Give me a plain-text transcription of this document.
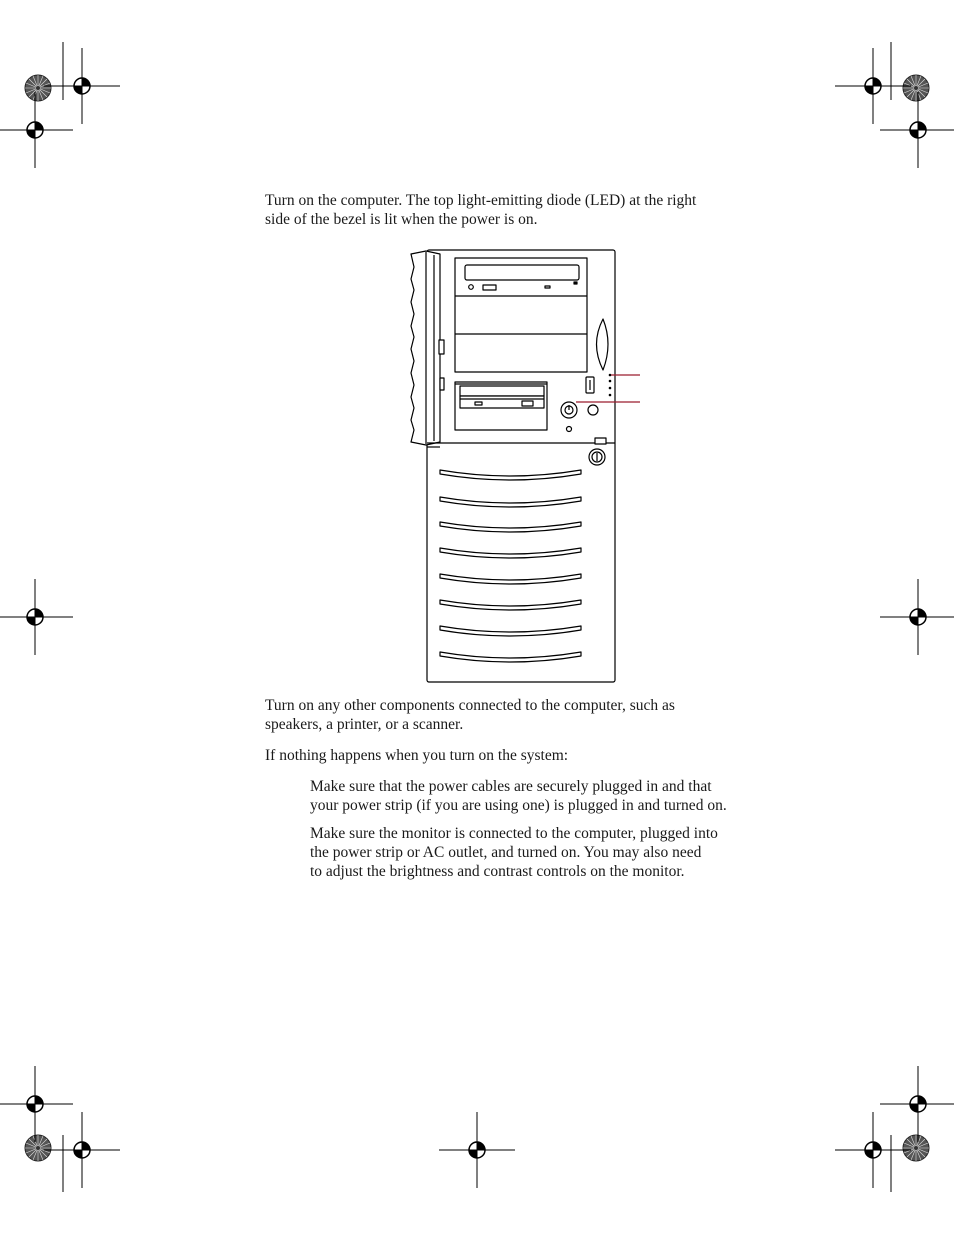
Turn on the computer. The top light-emitting diode (LED) at the right
side of the bezel is lit when the power is on.

Turn on any other components connected to the computer, such as
speakers, a printer, or a scanner.

If nothing happens when you turn on the system:

Make sure that the power cables are securely plugged in and that
your power strip (if you are using one) is plugged in and turned on.

Make sure the monitor is connected to the computer, plugged into
the power strip or AC outlet, and turned on. You may also need
to adjust the brightness and contrast controls on the monitor.
